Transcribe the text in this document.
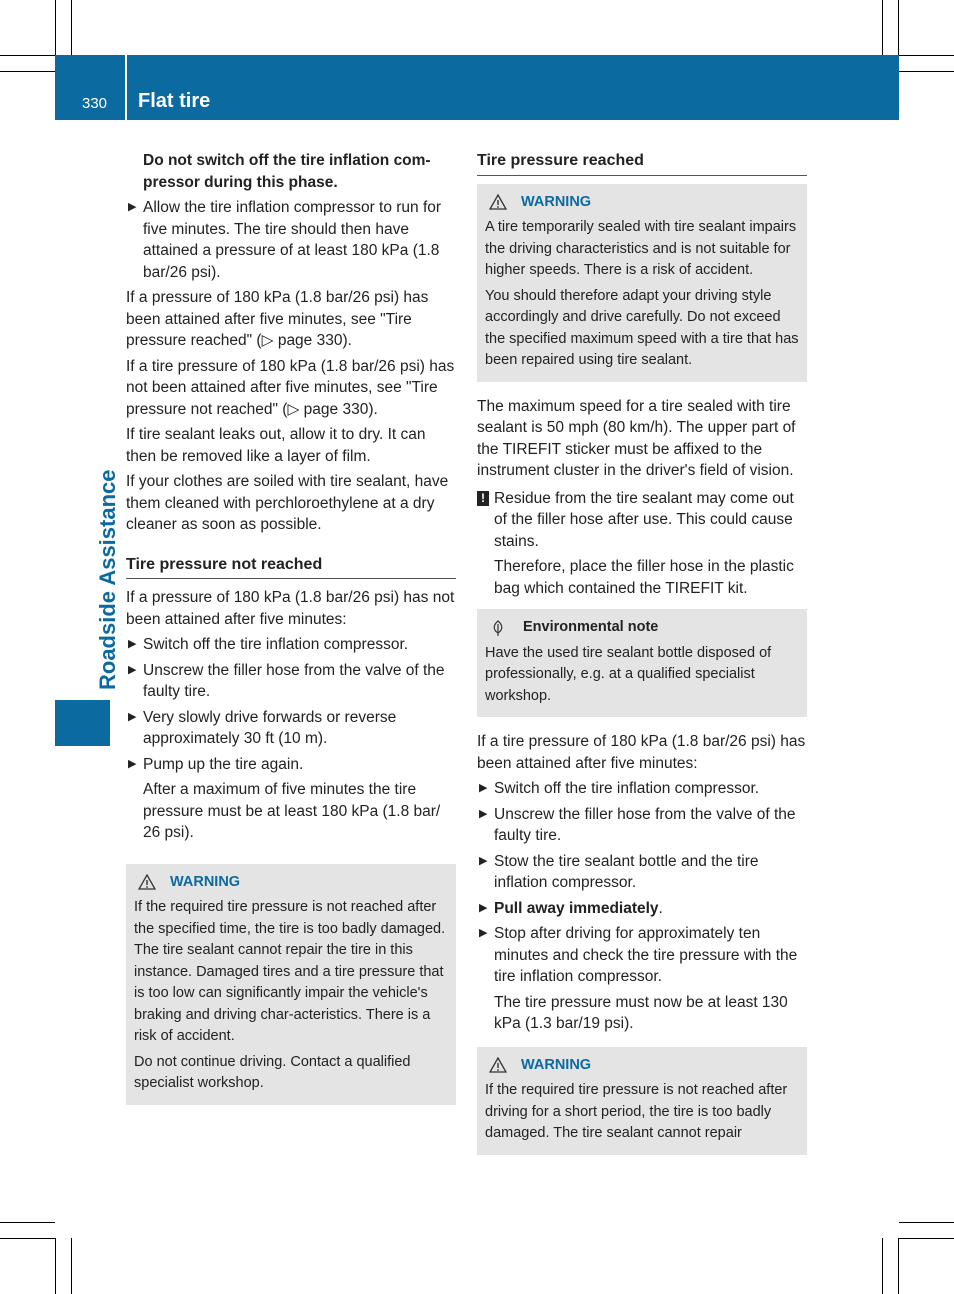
330 Flat tire
Roadside Assistance

Do not switch off the tire inflation com-pressor during this phase.

▶ Allow the tire inflation compressor to run for five minutes. The tire should then have attained a pressure of at least 180 kPa (1.8 bar/26 psi).

If a pressure of 180 kPa (1.8 bar/26 psi) has been attained after five minutes, see "Tire pressure reached" (▷ page 330).

If a tire pressure of 180 kPa (1.8 bar/26 psi) has not been attained after five minutes, see "Tire pressure not reached" (▷ page 330).

If tire sealant leaks out, allow it to dry. It can then be removed like a layer of film.

If your clothes are soiled with tire sealant, have them cleaned with perchloroethylene at a dry cleaner as soon as possible.

Tire pressure not reached

If a pressure of 180 kPa (1.8 bar/26 psi) has not been attained after five minutes:

▶ Switch off the tire inflation compressor.
▶ Unscrew the filler hose from the valve of the faulty tire.
▶ Very slowly drive forwards or reverse approximately 30 ft (10 m).
▶ Pump up the tire again.

After a maximum of five minutes the tire pressure must be at least 180 kPa (1.8 bar/ 26 psi).

WARNING

If the required tire pressure is not reached after the specified time, the tire is too badly damaged. The tire sealant cannot repair the tire in this instance. Damaged tires and a tire pressure that is too low can significantly impair the vehicle's braking and driving char-acteristics. There is a risk of accident.

Do not continue driving. Contact a qualified specialist workshop.

Tire pressure reached
WARNING

A tire temporarily sealed with tire sealant impairs the driving characteristics and is not suitable for higher speeds. There is a risk of accident.

You should therefore adapt your driving style accordingly and drive carefully. Do not exceed the specified maximum speed with a tire that has been repaired using tire sealant.

The maximum speed for a tire sealed with tire sealant is 50 mph (80 km/h). The upper part of the TIREFIT sticker must be affixed to the instrument cluster in the driver's field of vision.

! Residue from the tire sealant may come out of the filler hose after use. This could cause stains.

Therefore, place the filler hose in the plastic bag which contained the TIREFIT kit.

Environmental note

Have the used tire sealant bottle disposed of professionally, e.g. at a qualified specialist workshop.

If a tire pressure of 180 kPa (1.8 bar/26 psi) has been attained after five minutes:

▶ Switch off the tire inflation compressor.
▶ Unscrew the filler hose from the valve of the faulty tire.
▶ Stow the tire sealant bottle and the tire inflation compressor.
▶ Pull away immediately.
▶ Stop after driving for approximately ten minutes and check the tire pressure with the tire inflation compressor.

The tire pressure must now be at least 130 kPa (1.3 bar/19 psi).

WARNING

If the required tire pressure is not reached after driving for a short period, the tire is too badly damaged. The tire sealant cannot repair
